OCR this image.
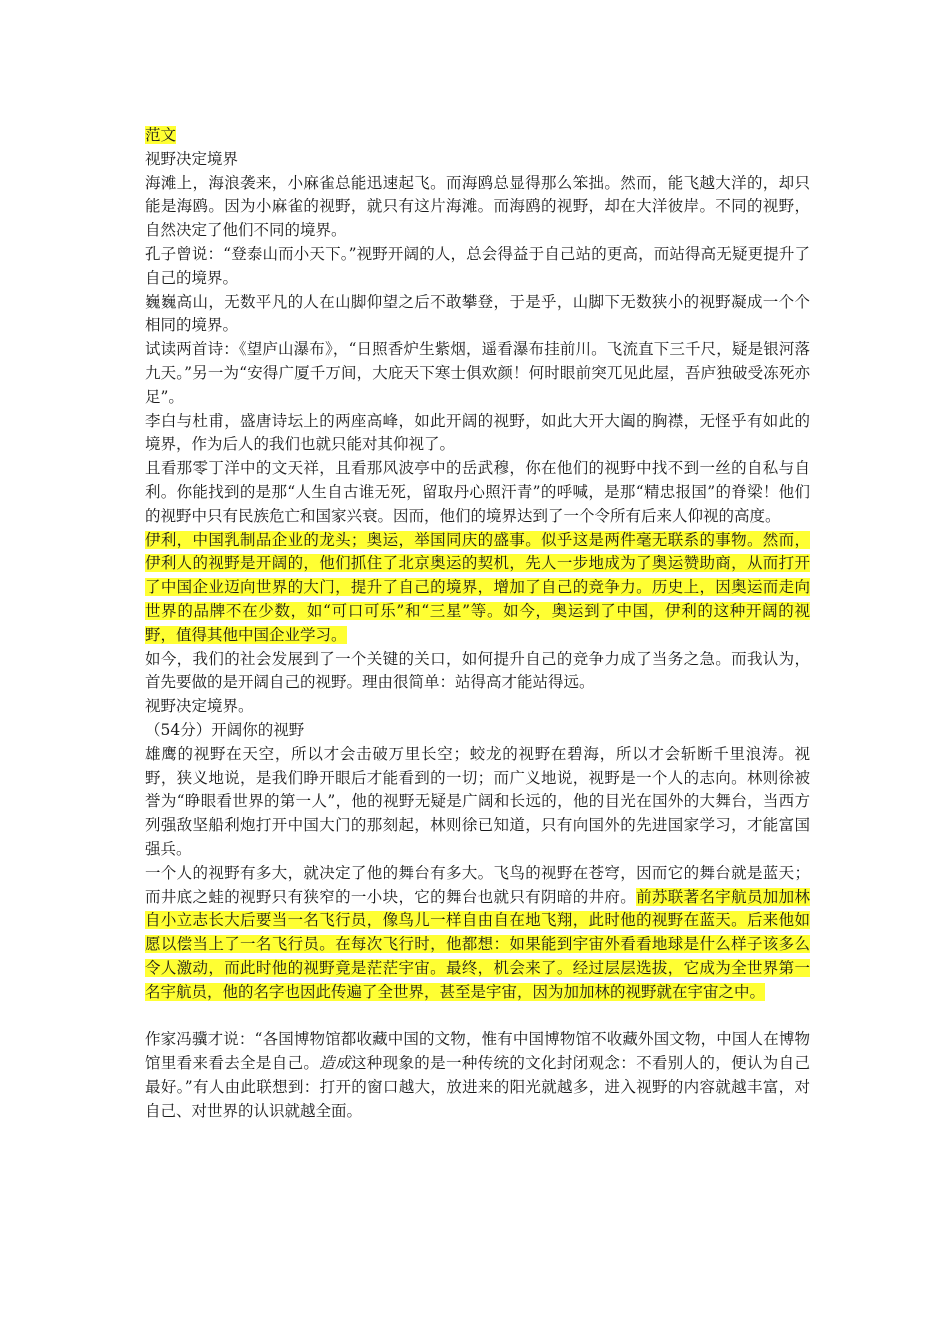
范文

视野决定境界

海滩上，海浪袭来，小麻雀总能迅速起飞。而海鸥总显得那么笨拙。然而，能飞越大洋的，却只能是海鸥。因为小麻雀的视野，就只有这片海滩。而海鸥的视野，却在大洋彼岸。不同的视野，自然决定了他们不同的境界。

孔子曾说：“登泰山而小天下。”视野开阔的人，总会得益于自己站的更高，而站得高无疑更提升了自己的境界。

巍巍高山，无数平凡的人在山脚仰望之后不敢攀登，于是乎，山脚下无数狭小的视野凝成一个个相同的境界。

试读两首诗：《望庐山瀑布》，“日照香炉生紫烟，遥看瀑布挂前川。飞流直下三千尺，疑是银河落九天。”另一为“安得广厦千万间，大庇天下寒士俱欢颜！何时眼前突兀见此屋，吾庐独破受冻死亦足”。

李白与杜甫，盛唐诗坛上的两座高峰，如此开阔的视野，如此大开大阖的胸襟，无怪乎有如此的境界，作为后人的我们也就只能对其仰视了。

且看那零丁洋中的文天祥，且看那风波亭中的岳武穆，你在他们的视野中找不到一丝的自私与自利。你能找到的是那“人生自古谁无死，留取丹心照汗青”的呼喊，是那“精忠报国”的脊梁！他们的视野中只有民族危亡和国家兴衰。因而，他们的境界达到了一个令所有后来人仰视的高度。

伊利，中国乳制品企业的龙头；奥运，举国同庆的盛事。似乎这是两件毫无联系的事物。然而，伊利人的视野是开阔的，他们抓住了北京奥运的契机，先人一步地成为了奥运赞助商，从而打开了中国企业迈向世界的大门，提升了自己的境界，增加了自己的竞争力。历史上，因奥运而走向世界的品牌不在少数，如“可口可乐”和“三星”等。如今，奥运到了中国，伊利的这种开阔的视野，值得其他中国企业学习。

如今，我们的社会发展到了一个关键的关口，如何提升自己的竞争力成了当务之急。而我认为，首先要做的是开阔自己的视野。理由很简单：站得高才能站得远。

视野决定境界。

（54分）开阔你的视野

雄鹰的视野在天空，所以才会击破万里长空；蛟龙的视野在碧海，所以才会斩断千里浪涛。视野，狭义地说，是我们睁开眼后才能看到的一切；而广义地说，视野是一个人的志向。林则徐被誉为“睁眼看世界的第一人”，他的视野无疑是广阔和长远的，他的目光在国外的大舞台，当西方列强敌坚船利炮打开中国大门的那刻起，林则徐已知道，只有向国外的先进国家学习，才能富国强兵。

一个人的视野有多大，就决定了他的舞台有多大。飞鸟的视野在苍穹，因而它的舞台就是蓝天；而井底之蛙的视野只有狭窄的一小块，它的舞台也就只有阴暗的井府。前苏联著名宇航员加加林自小立志长大后要当一名飞行员，像鸟儿一样自由自在地飞翔，此时他的视野在蓝天。后来他如愿以偿当上了一名飞行员。在每次飞行时，他都想：如果能到宇宙外看看地球是什么样子该多么令人激动，而此时他的视野竟是茫茫宇宙。最终，机会来了。经过层层选拔，它成为全世界第一名宇航员，他的名字也因此传遍了全世界，甚至是宇宙，因为加加林的视野就在宇宙之中。

作家冯骥才说：“各国博物馆都收藏中国的文物，惟有中国博物馆不收藏外国文物，中国人在博物馆里看来看去全是自己。造成这种现象的是一种传统的文化封闭观念：不看别人的，便认为自己最好。”有人由此联想到：打开的窗口越大，放进来的阳光就越多，进入视野的内容就越丰富，对自己、对世界的认识就越全面。
